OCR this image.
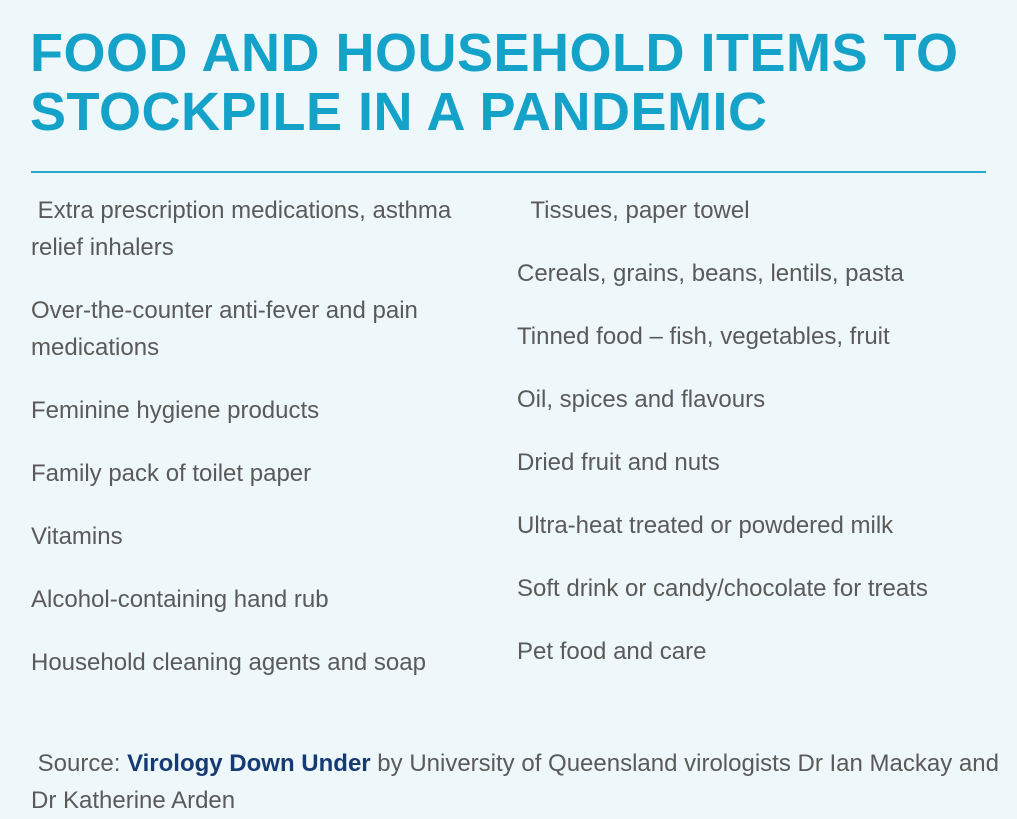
FOOD AND HOUSEHOLD ITEMS TO STOCKPILE IN A PANDEMIC
Extra prescription medications, asthma relief inhalers
Over-the-counter anti-fever and pain medications
Feminine hygiene products
Family pack of toilet paper
Vitamins
Alcohol-containing hand rub
Household cleaning agents and soap
Tissues, paper towel
Cereals, grains, beans, lentils, pasta
Tinned food – fish, vegetables, fruit
Oil, spices and flavours
Dried fruit and nuts
Ultra-heat treated or powdered milk
Soft drink or candy/chocolate for treats
Pet food and care

Source: Virology Down Under by University of Queensland virologists Dr Ian Mackay and Dr Katherine Arden
